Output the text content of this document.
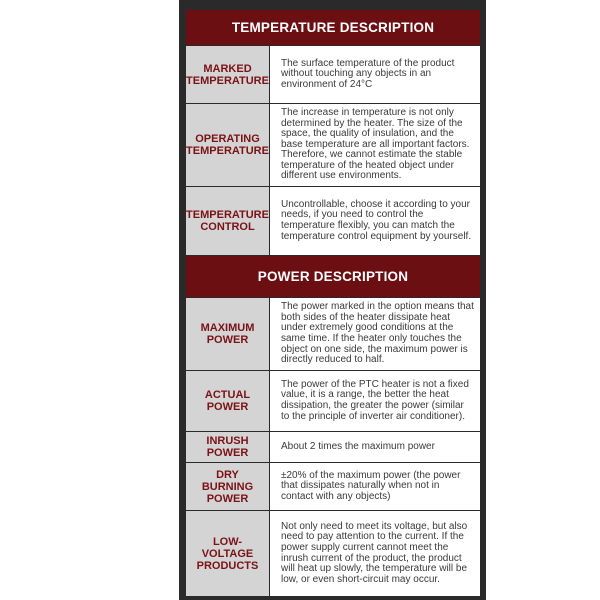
TEMPERATURE DESCRIPTION
MARKED
TEMPERATURE
The surface temperature of the product without touching any objects in an environment of 24°C
OPERATING
TEMPERATURE
The increase in temperature is not only determined by the heater. The size of the space, the quality of insulation, and the base temperature are all important factors. Therefore, we cannot estimate the stable temperature of the heated object under different use environments.
TEMPERATURE
CONTROL
Uncontrollable, choose it according to your needs, if you need to control the temperature flexibly, you can match the temperature control equipment by yourself.
POWER DESCRIPTION
MAXIMUM
POWER
The power marked in the option means that both sides of the heater dissipate heat under extremely good conditions at the same time. If the heater only touches the object on one side, the maximum power is directly reduced to half.
ACTUAL
POWER
The power of the PTC heater is not a fixed value, it is a range, the better the heat dissipation, the greater the power (similar to the principle of inverter air conditioner).
INRUSH
POWER
About 2 times the maximum power
DRY
BURNING
POWER
±20% of the maximum power (the power that dissipates naturally when not in contact with any objects)
LOW-VOLTAGE
PRODUCTS
Not only need to meet its voltage, but also need to pay attention to the current. If the power supply current cannot meet the inrush current of the product, the product will heat up slowly, the temperature will be low, or even short-circuit may occur.
